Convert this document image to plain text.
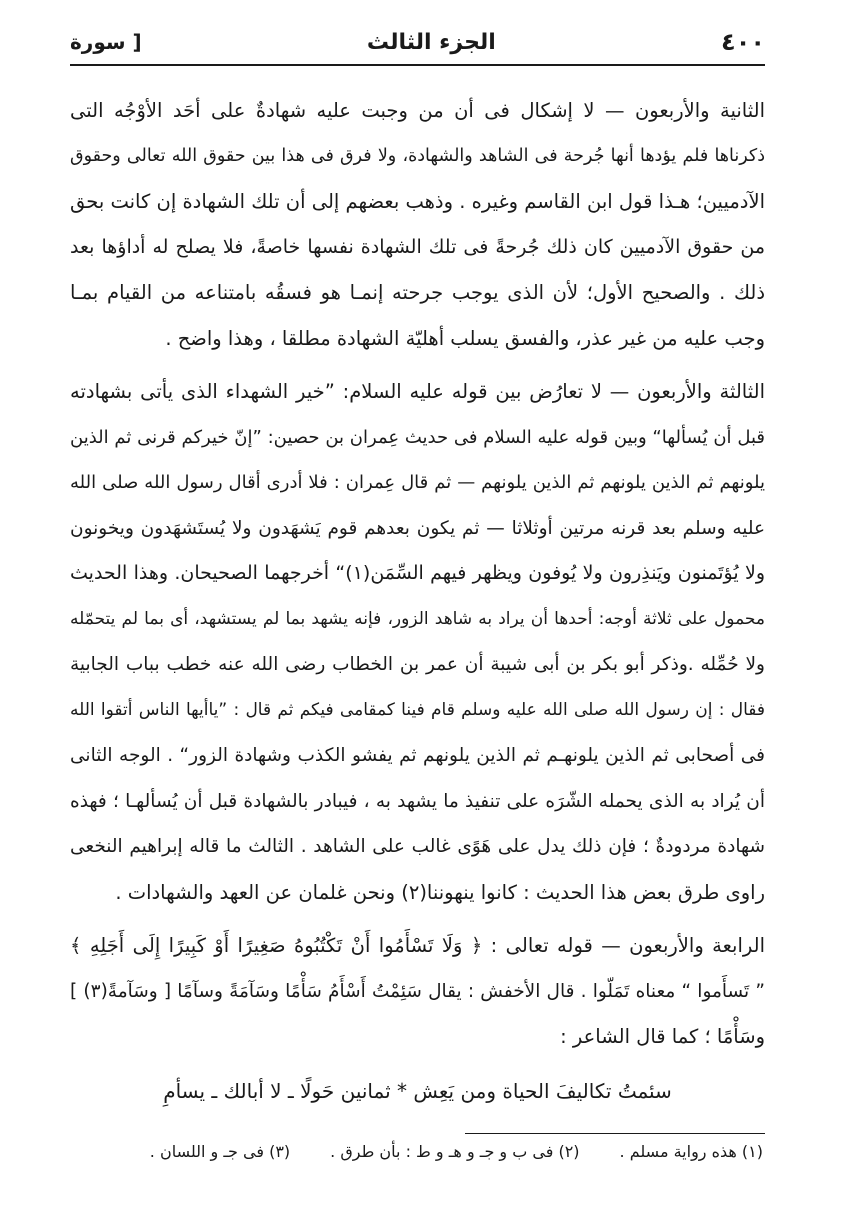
٤٠٠
الجزء الثالث
[ سورة

الثانية والأربعون — لا إشكال فى أن من وجبت عليه شهادةٌ على أحَد الأوْجُه التى

ذكرناها فلم يؤدها أنها جُرحة فى الشاهد والشهادة، ولا فرق فى هذا بين حقوق الله تعالى وحقوق

الآدميين؛ هـذا قول ابن القاسم وغيره . وذهب بعضهم إلى أن تلك الشهادة إن كانت بحق

من حقوق الآدميين كان ذلك جُرحةً فى تلك الشهادة نفسها خاصةً، فلا يصلح له أداؤها بعد

ذلك . والصحيح الأول؛ لأن الذى يوجب جرحته إنمـا هو فسقُه بامتناعه من القيام بمـا

وجب عليه من غير عذر، والفسق يسلب أهليّة الشهادة مطلقا ، وهذا واضح .

الثالثة والأربعون — لا تعارُض بين قوله عليه السلام: ”خير الشهداء الذى يأتى بشهادته

قبل أن يُسألها“ وبين قوله عليه السلام فى حديث عِمران بن حصين: ”إنّ خيركم قرنى ثم الذين

يلونهم ثم الذين يلونهم ثم الذين يلونهم — ثم قال عِمران : فلا أدرى أقال رسول الله صلى الله

عليه وسلم بعد قرنه مرتين أوثلاثا — ثم يكون بعدهم قوم يَشهَدون ولا يُستَشهَدون ويخونون

ولا يُؤتَمنون ويَنذِرون ولا يُوفون ويظهر فيهم السِّمَن(١)“ أخرجهما الصحيحان. وهذا الحديث

محمول على ثلاثة أوجه: أحدها أن يراد به شاهد الزور، فإنه يشهد بما لم يستشهد، أى بما لم يتحمّله

ولا حُمِّله .وذكر أبو بكر بن أبى شيبة أن عمر بن الخطاب رضى الله عنه خطب بباب الجابية

فقال : إن رسول الله صلى الله عليه وسلم قام فينا كمقامى فيكم ثم قال : ”ياأيها الناس أتقوا الله

فى أصحابى ثم الذين يلونهـم ثم الذين يلونهم ثم يفشو الكذب وشهادة الزور“ . الوجه الثانى

أن يُراد به الذى يحمله الشّرَه على تنفيذ ما يشهد به ، فيبادر بالشهادة قبل أن يُسألهـا ؛ فهذه

شهادة مردودةٌ ؛ فإن ذلك يدل على هَوًى غالب على الشاهد . الثالث ما قاله إبراهيم النخعى

راوى طرق بعض هذا الحديث : كانوا ينهوننا(٢) ونحن غلمان عن العهد والشهادات .

الرابعة والأربعون — قوله تعالى : ﴿ وَلَا تَسْأَمُوا أَنْ تَكْتُبُوهُ صَغِيرًا أَوْ كَبِيرًا إِلَى أَجَلِهِ ﴾

” تَسأَموا “ معناه تَمَلّوا . قال الأخفش : يقال سَئِمْتُ أَسْأَمُ سَأْمًا وسَآمَةً وسآمًا [ وسَآمةً(٣) ]

وسَأْمًا ؛ كما قال الشاعر :

سئمتُ تكاليفَ الحياة ومن يَعِش * ثمانين حَولًا ـ لا أبالك ـ يسأمِ
(١) هذه رواية مسلم .
(٢) فى ب و جـ و هـ و ط : بأن طرق .
(٣) فى جـ و اللسان .
